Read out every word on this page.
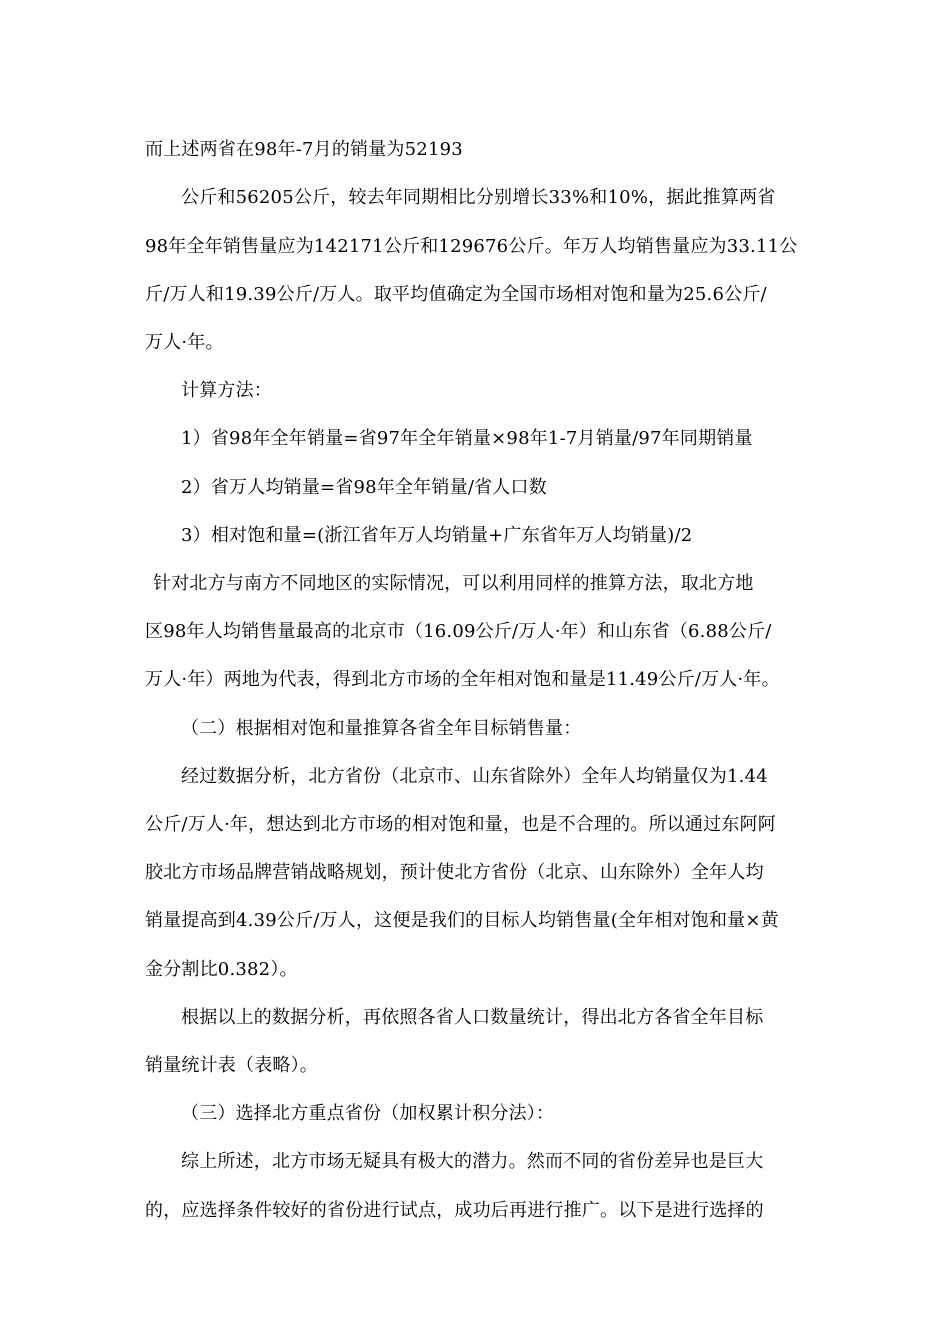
而上述两省在98年-7月的销量为52193
公斤和56205公斤，较去年同期相比分别增长33%和10%，据此推算两省
98年全年销售量应为142171公斤和129676公斤。年万人均销售量应为33.11公
斤/万人和19.39公斤/万人。取平均值确定为全国市场相对饱和量为25.6公斤/
万人·年。
计算方法：
1）省98年全年销量=省97年全年销量×98年1-7月销量/97年同期销量
2）省万人均销量=省98年全年销量/省人口数
3）相对饱和量=(浙江省年万人均销量+广东省年万人均销量)/2
针对北方与南方不同地区的实际情况，可以利用同样的推算方法，取北方地
区98年人均销售量最高的北京市（16.09公斤/万人·年）和山东省（6.88公斤/
万人·年）两地为代表，得到北方市场的全年相对饱和量是11.49公斤/万人·年。
（二）根据相对饱和量推算各省全年目标销售量：
经过数据分析，北方省份（北京市、山东省除外）全年人均销量仅为1.44
公斤/万人·年，想达到北方市场的相对饱和量，也是不合理的。所以通过东阿阿
胶北方市场品牌营销战略规划，预计使北方省份（北京、山东除外）全年人均
销量提高到4.39公斤/万人，这便是我们的目标人均销售量(全年相对饱和量×黄
金分割比0.382）。
根据以上的数据分析，再依照各省人口数量统计，得出北方各省全年目标
销量统计表（表略）。
（三）选择北方重点省份（加权累计积分法）：
综上所述，北方市场无疑具有极大的潜力。然而不同的省份差异也是巨大
的，应选择条件较好的省份进行试点，成功后再进行推广。以下是进行选择的
